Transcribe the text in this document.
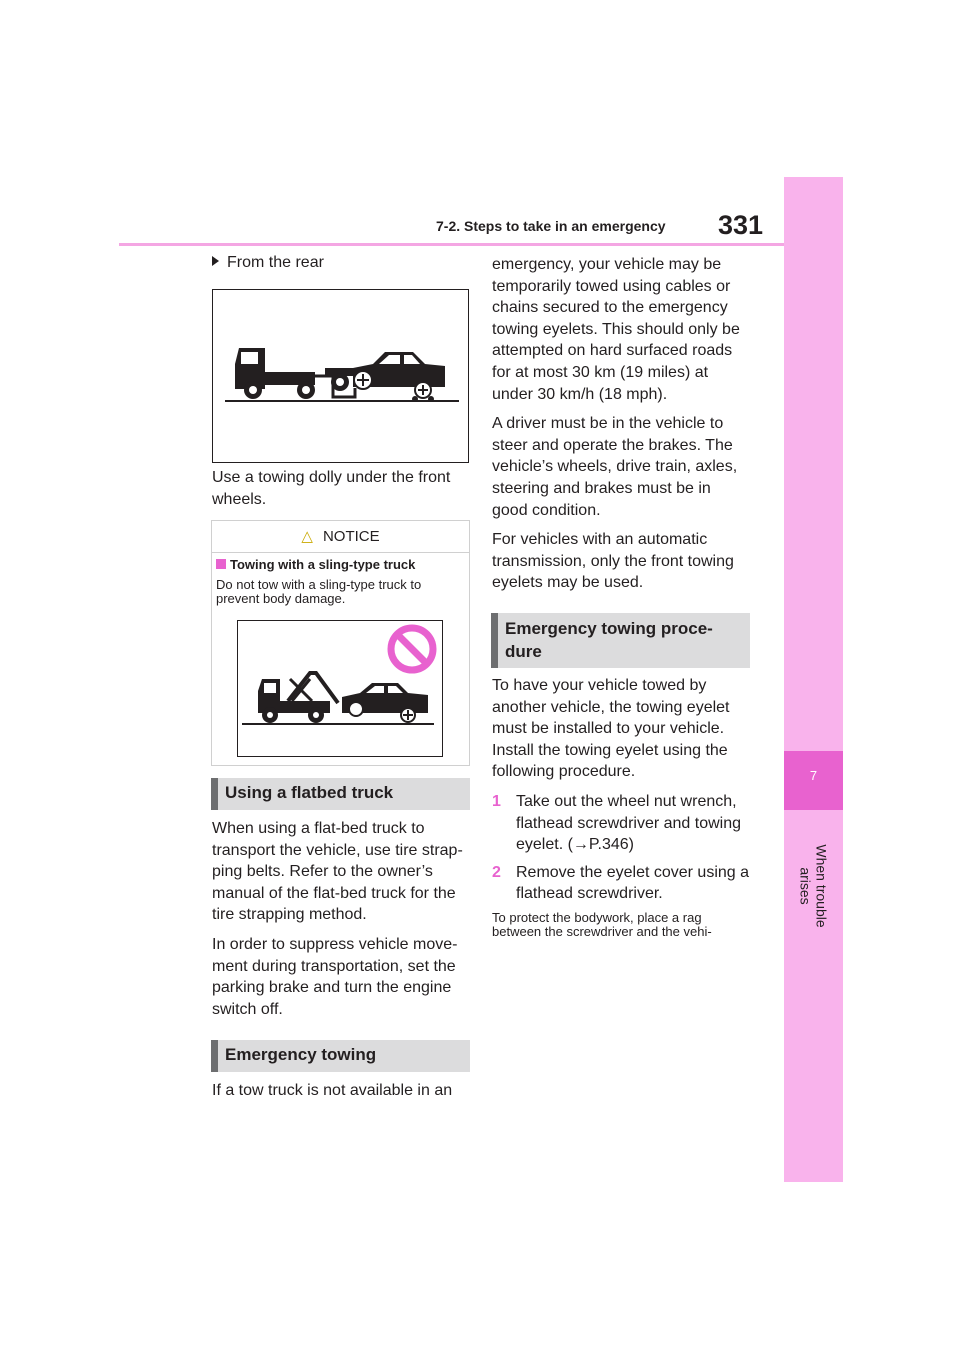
7-2. Steps to take in an emergency 331
7
When trouble arises
From the rear

Use a towing dolly under the front wheels.

△ NOTICE
Towing with a sling-type truck
Do not tow with a sling-type truck to prevent body damage.
Using a flatbed truck

When using a flat-bed truck to transport the vehicle, use tire strap-ping belts. Refer to the owner’s manual of the flat-bed truck for the tire strapping method.

In order to suppress vehicle move-ment during transportation, set the parking brake and turn the engine switch off.

Emergency towing

If a tow truck is not available in an

emergency, your vehicle may be temporarily towed using cables or chains secured to the emergency towing eyelets. This should only be attempted on hard surfaced roads for at most 30 km (19 miles) at under 30 km/h (18 mph).

A driver must be in the vehicle to steer and operate the brakes. The vehicle’s wheels, drive train, axles, steering and brakes must be in good condition.

For vehicles with an automatic transmission, only the front towing eyelets may be used.

Emergency towing proce-
dure

To have your vehicle towed by another vehicle, the towing eyelet must be installed to your vehicle. Install the towing eyelet using the following procedure.

1 Take out the wheel nut wrench, flathead screwdriver and towing eyelet. (→P.346)
2 Remove the eyelet cover using a flathead screwdriver.

To protect the bodywork, place a rag between the screwdriver and the vehi-
